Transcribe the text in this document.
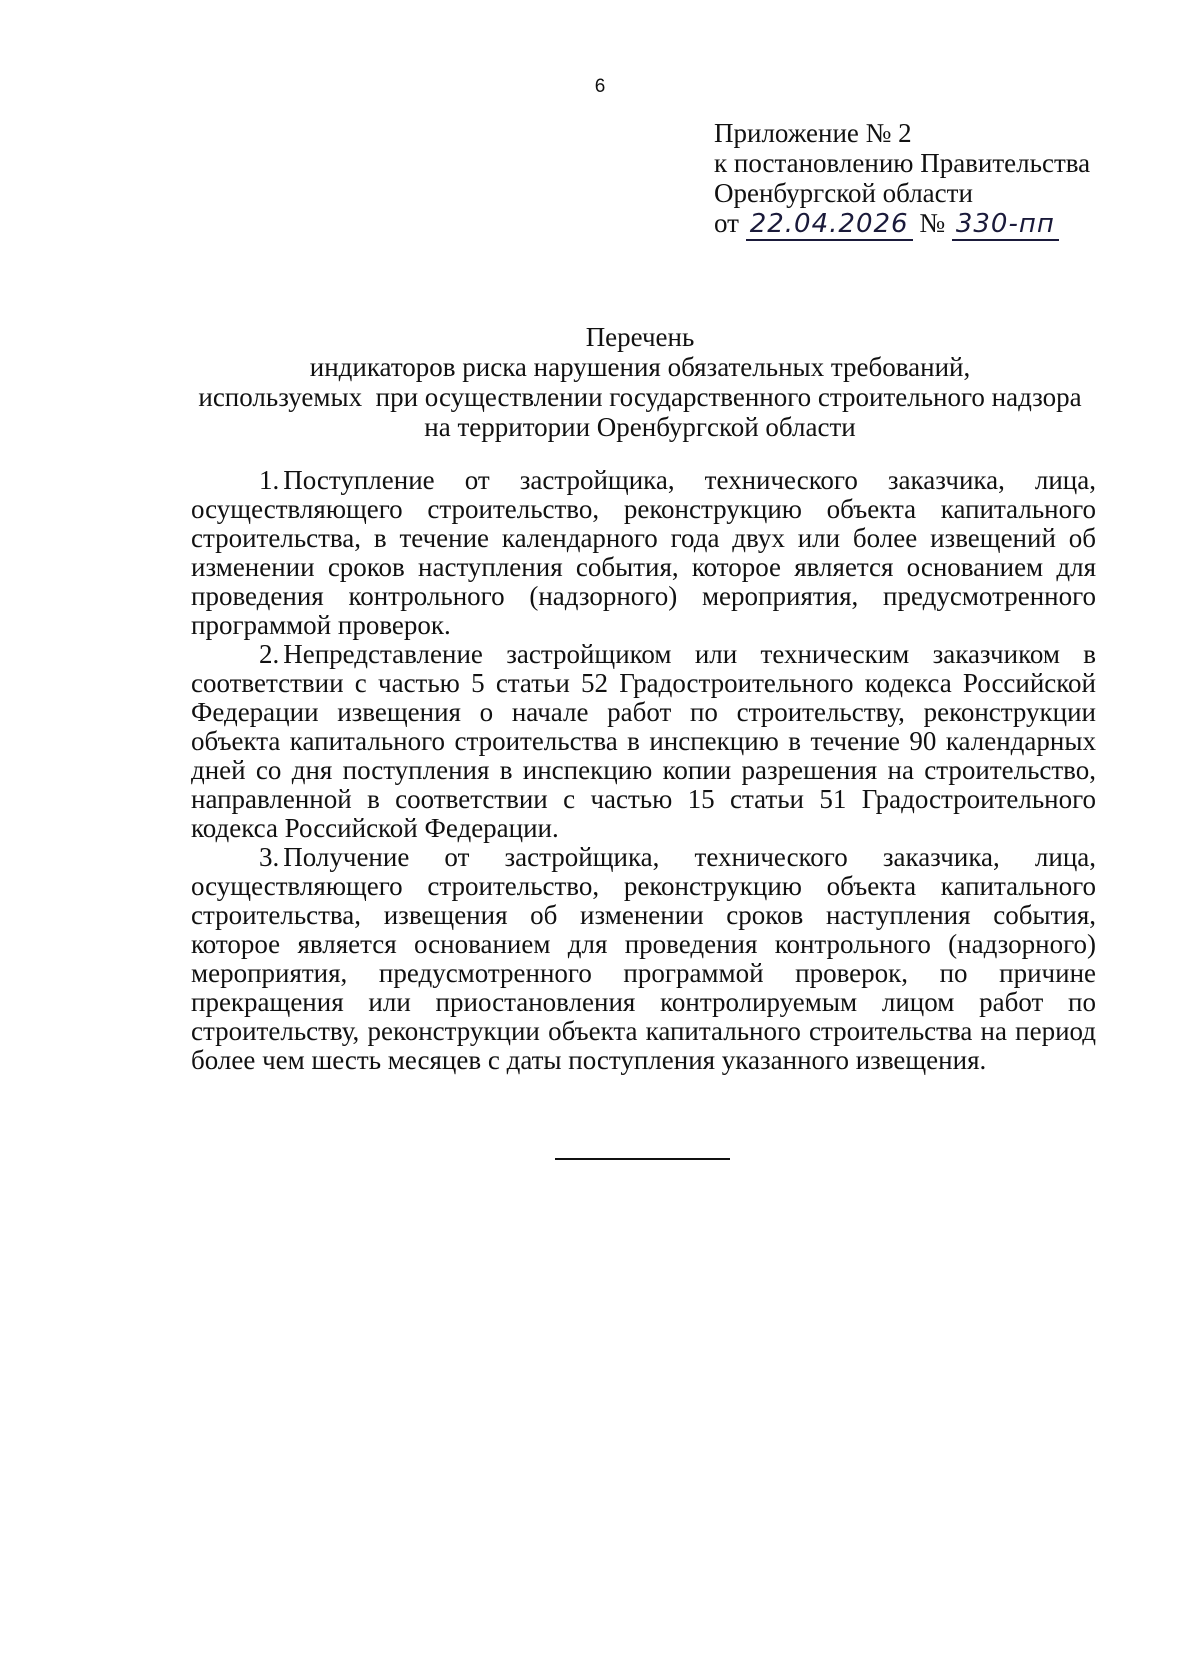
6
Приложение № 2
к постановлению Правительства
Оренбургской области
от 22.04.2026 № 330-пп
Перечень
индикаторов риска нарушения обязательных требований,
используемых  при осуществлении государственного строительного надзора
на территории Оренбургской области

1. Поступление от застройщика, технического заказчика, лица, осуществляющего строительство, реконструкцию объекта капитального строительства, в течение календарного года двух или более извещений об изменении сроков наступления события, которое является основанием для проведения контрольного (надзорного) мероприятия, предусмотренного программой проверок.

2. Непредставление застройщиком или техническим заказчиком в соответствии с частью 5 статьи 52 Градостроительного кодекса Российской Федерации извещения о начале работ по строительству, реконструкции объекта капитального строительства в инспекцию в течение 90 календарных дней со дня поступления в инспекцию копии разрешения на строительство, направленной в соответствии с частью 15 статьи 51 Градостроительного кодекса Российской Федерации.

3. Получение от застройщика, технического заказчика, лица, осуществляющего строительство, реконструкцию объекта капитального строительства, извещения об изменении сроков наступления события, которое является основанием для проведения контрольного (надзорного) мероприятия, предусмотренного программой проверок, по причине прекращения или приостановления контролируемым лицом работ по строительству, реконструкции объекта капитального строительства на период более чем шесть месяцев с даты поступления указанного извещения.
